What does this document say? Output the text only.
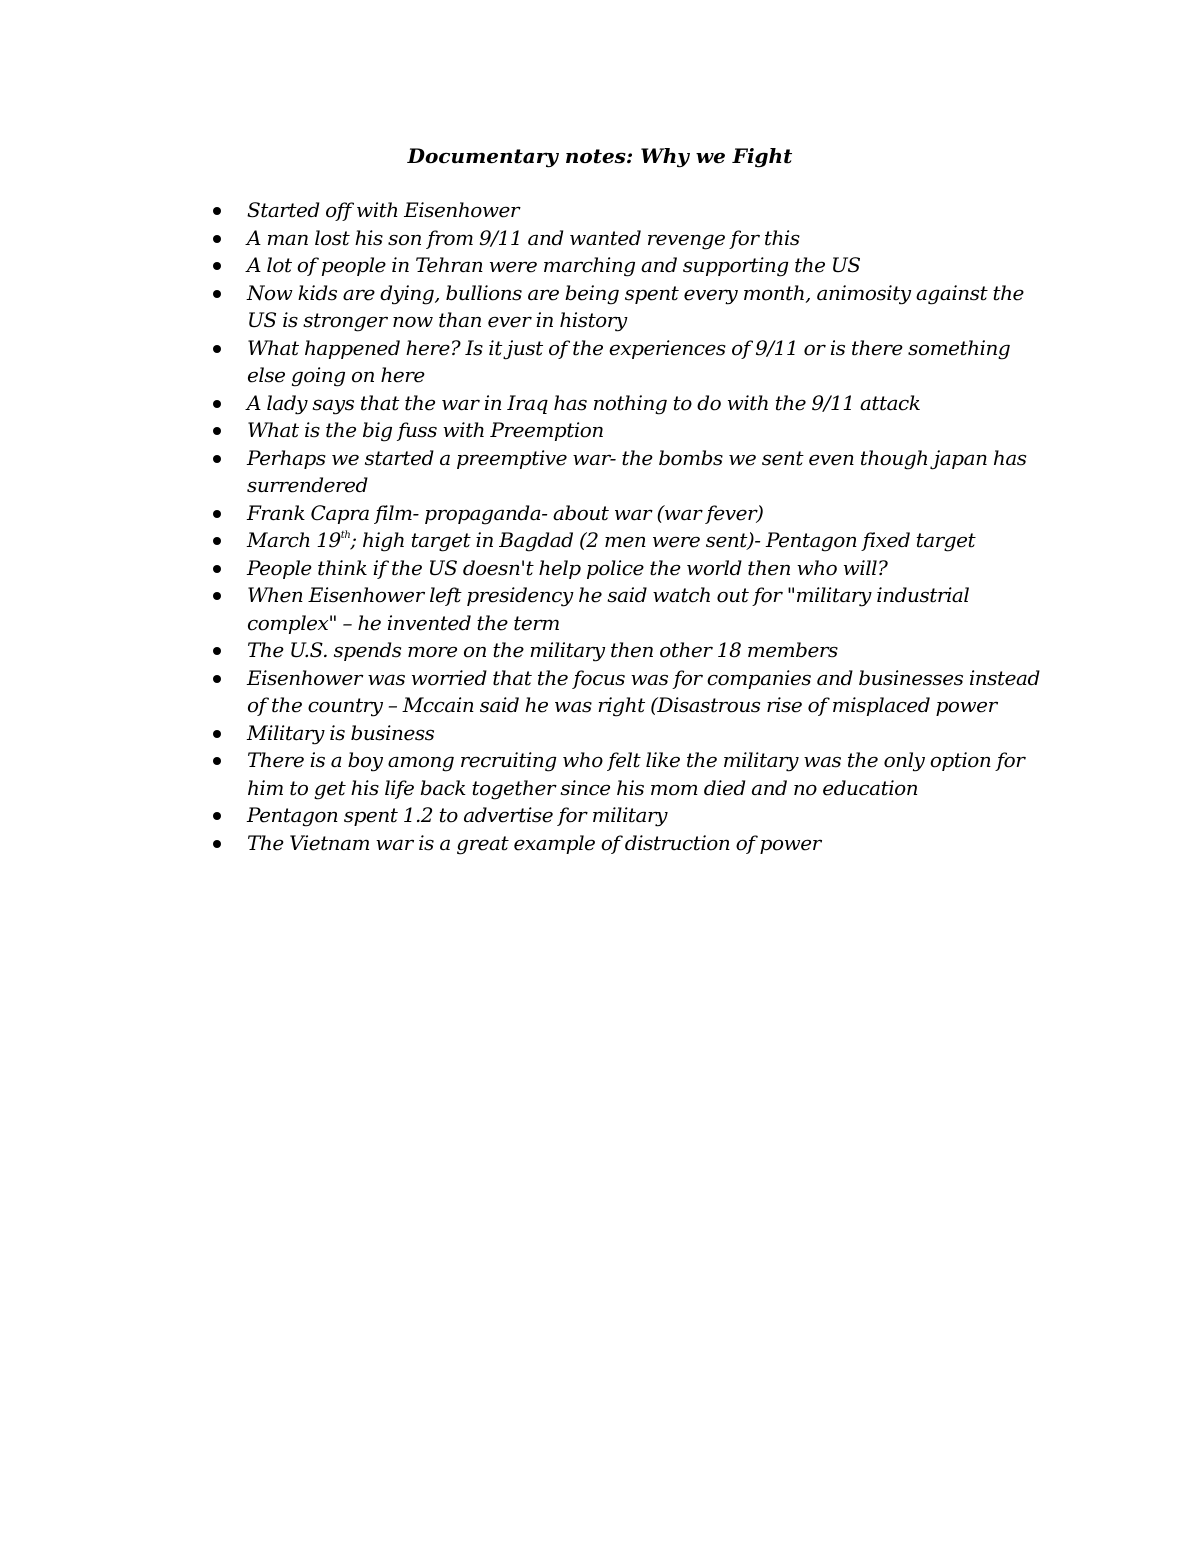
Documentary notes: Why we Fight
Started off with Eisenhower
A man lost his son from 9/11 and wanted revenge for this
A lot of people in Tehran were marching and supporting the US
Now kids are dying, bullions are being spent every month, animosity against the US is stronger now than ever in history
What happened here? Is it just of the experiences of 9/11 or is there something else going on here
A lady says that the war in Iraq has nothing to do with the 9/11 attack
What is the big fuss with Preemption
Perhaps we started a preemptive war- the bombs we sent even though japan has surrendered
Frank Capra film- propaganda- about war (war fever)
March 19th; high target in Bagdad (2 men were sent)- Pentagon fixed target
People think if the US doesn't help police the world then who will?
When Eisenhower left presidency he said watch out for "military industrial complex" – he invented the term
The U.S. spends more on the military then other 18 members
Eisenhower was worried that the focus was for companies and businesses instead of the country – Mccain said he was right (Disastrous rise of misplaced power
Military is business
There is a boy among recruiting who felt like the military was the only option for him to get his life back together since his mom died and no education
Pentagon spent 1.2 to advertise for military
The Vietnam war is a great example of distruction of power
